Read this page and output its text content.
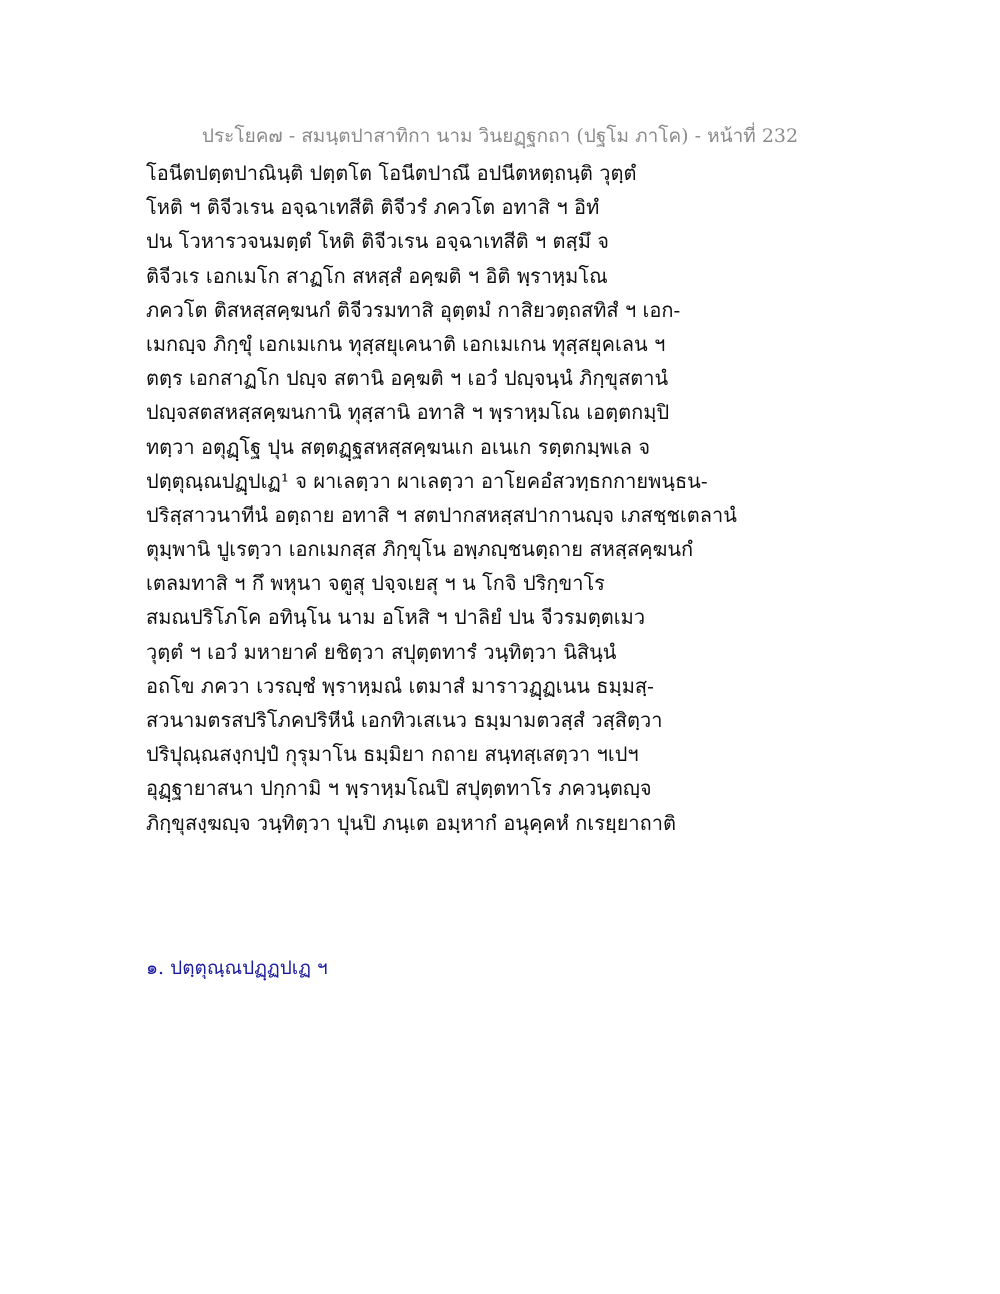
ประโยค๗ - สมนฺตปาสาทิกา นาม วินยฏฺฐกถา (ปฐโม ภาโค) - หน้าที่ 232
โอนีตปตฺตปาณินฺติ ปตฺตโต โอนีตปาณึ อปนีตหตฺถนฺติ วุตฺตํ
โหติ ฯ ติจีวเรน อจฺฉาเทสีติ ติจีวรํ ภควโต อทาสิ ฯ อิทํ
ปน โวหารวจนมตฺตํ โหติ ติจีวเรน อจฺฉาเทสีติ ฯ ตสฺมึ จ
ติจีวเร เอกเมโก สาฏโก สหสฺสํ อคฺฆติ ฯ อิติ พฺราหฺมโณ
ภควโต ติสหสฺสคฺฆนกํ ติจีวรมทาสิ อุตฺตมํ กาสิยวตฺถสทิสํ ฯ เอก-
เมกญฺจ ภิกฺขุํ เอกเมเกน ทุสฺสยุเคนาติ เอกเมเกน ทุสฺสยุคเลน ฯ
ตตฺร เอกสาฏโก ปญฺจ สตานิ อคฺฆติ ฯ เอวํ ปญฺจนฺนํ ภิกฺขุสตานํ
ปญฺจสตสหสฺสคฺฆนกานิ ทุสฺสานิ อทาสิ ฯ พฺราหฺมโณ เอตฺตกมฺปิ
ทตฺวา อตุฏฺโฐ ปุน สตฺตฏฺฐสหสฺสคฺฆนเก อเนเก รตฺตกมฺพเล จ
ปตฺตุณฺณปฏฺปเฏ¹ จ ผาเลตฺวา ผาเลตฺวา อาโยคอํสวทฺธกกายพนฺธน-
ปริสฺสาวนาทีนํ อตฺถาย อทาสิ ฯ สตปากสหสฺสปากานญฺจ เภสชฺชเตลานํ
ตุมฺพานิ ปูเรตฺวา เอกเมกสฺส ภิกฺขุโน อพฺภญฺชนตฺถาย สหสฺสคฺฆนกํ
เตลมทาสิ ฯ กึ พหุนา จตูสุ ปจฺจเยสุ ฯ น โกจิ ปริกฺขาโร
สมณปริโภโค อทินฺโน นาม อโหสิ ฯ ปาลิยํ ปน จีวรมตฺตเมว
วุตฺตํ ฯ เอวํ มหายาคํ ยชิตฺวา สปุตฺตทารํ วนฺทิตฺวา นิสินฺนํ
อถโข ภควา เวรญฺชํ พฺราหฺมณํ เตมาสํ มาราวฏฺฏเนน ธมฺมสฺ-
สวนามตรสปริโภคปริหีนํ เอกทิวเสเนว ธมฺมามตวสฺสํ วสฺสิตฺวา
ปริปุณฺณสงฺกปฺปํ กุรุมาโน ธมฺมิยา กถาย สนฺทสฺเสตฺวา ฯเปฯ
อุฏฺฐายาสนา ปกฺกามิ ฯ พฺราหฺมโณปิ สปุตฺตทาโร ภควนฺตญฺจ
ภิกฺขุสงฺฆญฺจ วนฺทิตฺวา ปุนปิ ภนฺเต อมฺหากํ อนุคฺคหํ กเรยฺยาถาติ
๑. ปตฺตุณฺณปฏฺฏปเฏ ฯ
